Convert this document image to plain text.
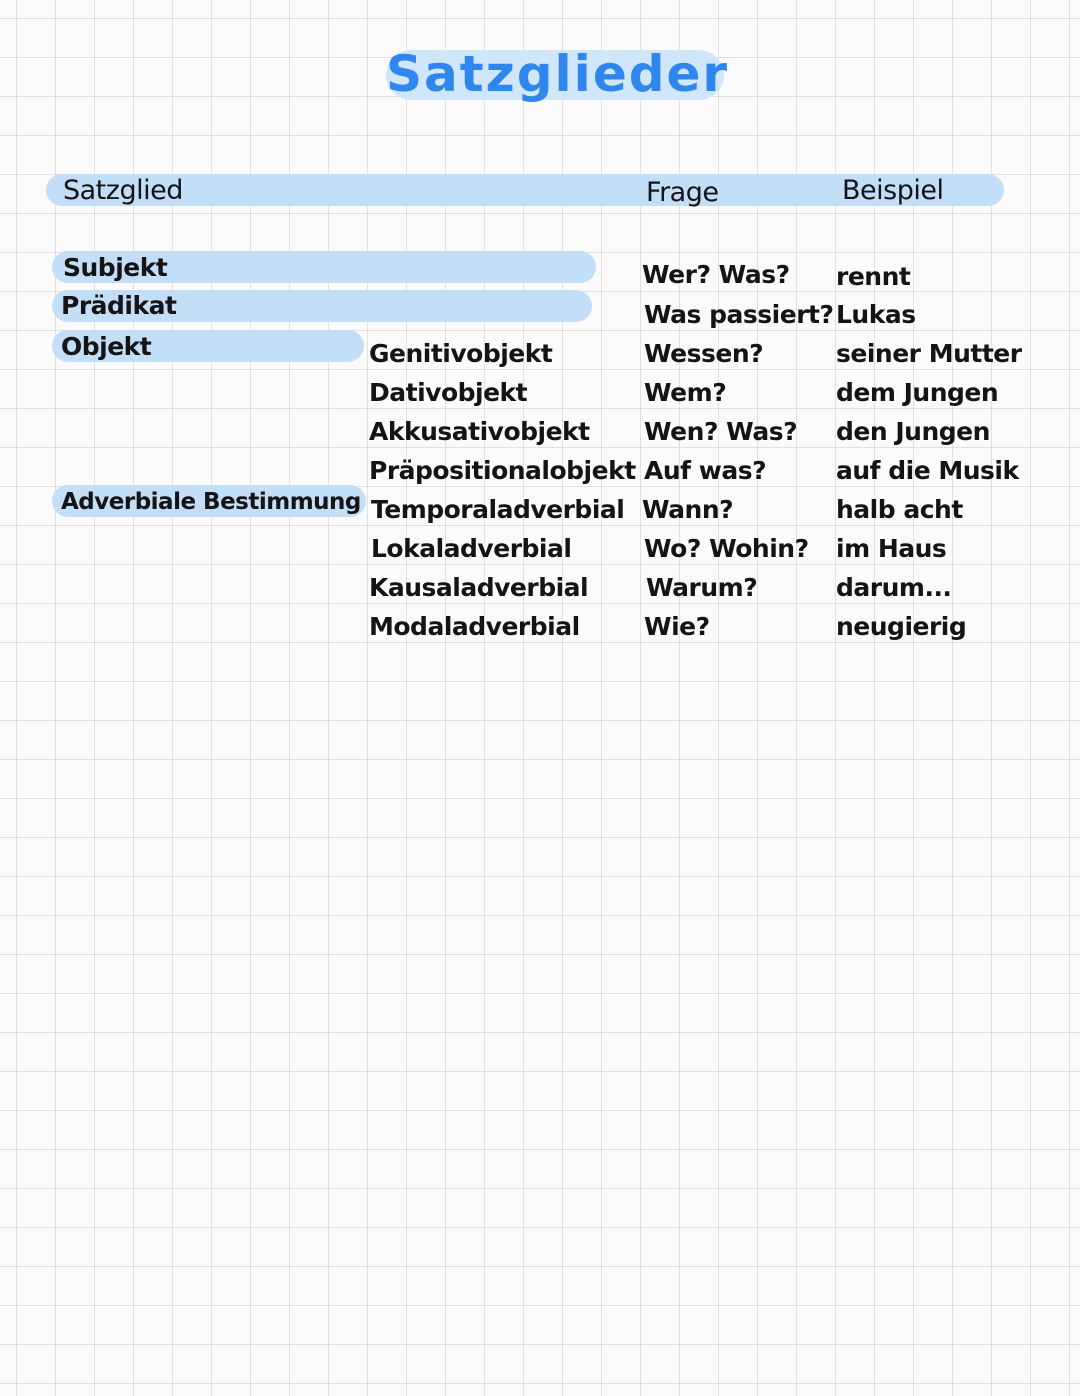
Satzglieder
Satzglied	Frage	Beispiel
Subjekt
Prädikat
Objekt
Adverbiale Bestimmung
Genitivobjekt
Dativobjekt
Akkusativobjekt
Präpositionalobjekt
Temporaladverbial
Lokaladverbial
Kausaladverbial
Modaladverbial
Wer? Was?
Was passiert?
Wessen?
Wem?
Wen? Was?
Auf was?
Wann?
Wo? Wohin?
Warum?
Wie?
rennt
Lukas
seiner Mutter
dem Jungen
den Jungen
auf die Musik
halb acht
im Haus
darum...
neugierig
